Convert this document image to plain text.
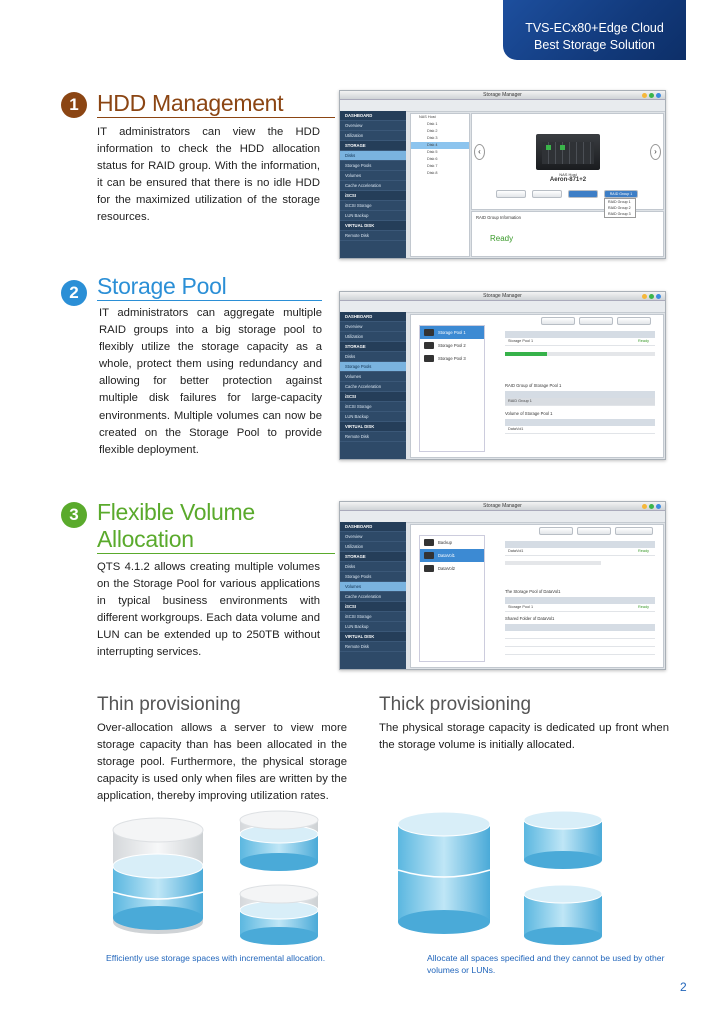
TVS-ECx80+Edge Cloud
Best Storage Solution
1 HDD Management
IT administrators can view the HDD information to check the HDD allocation status for RAID group. With the information, it can be ensured that there is no idle HDD for the maximized utilization of the storage resources.
Storage Manager
DASHBOARD
Overview
Utilization
STORAGE
Disks
Storage Pools
Volumes
Cache Acceleration
iSCSI
iSCSI Storage
LUN Backup
VIRTUAL DISK
Remote Disk
NAS Host
Disk 1
Disk 2
Disk 3
Disk 4
Disk 5
Disk 6
Disk 7
Disk 8	NAS Host
Aeron-871+2
‹	›
RAID Group 1
RAID Group 1
RAID Group 2
RAID Group 3
RAID Group Information
Ready
2 Storage Pool
IT administrators can aggregate multiple RAID groups into a big storage pool to flexibly utilize the storage capacity as a whole, protect them using redundancy and allowing for better protection against multiple disk failures for large-capacity environments. Multiple volumes can now be created on the Storage Pool to provide flexible deployment.
Storage Manager
DASHBOARD
Overview
Utilization
STORAGE
Disks
Storage Pools
Volumes
Cache Acceleration
iSCSI
iSCSI Storage
LUN Backup
VIRTUAL DISK
Remote Disk
Storage Pool 1
Storage Pool 2
Storage Pool 3
Storage Pool 1	Ready
RAID Group of Storage Pool 1
RAID Group 1
Volume of Storage Pool 1
DataVol1
3 Flexible Volume
Allocation
QTS 4.1.2 allows creating multiple volumes on the Storage Pool for various applications in typical business environments with different workgroups. Each data volume and LUN can be extended up to 250TB without interrupting services.
Storage Manager
DASHBOARD
Overview
Utilization
STORAGE
Disks
Storage Pools
Volumes
Cache Acceleration
iSCSI
iSCSI Storage
LUN Backup
VIRTUAL DISK
Remote Disk
Backup
DataVol1
DataVol2
DataVol1	Ready
The Storage Pool of DataVol1
Storage Pool 1	Ready
Shared Folder of DataVol1
Thin provisioning
Over-allocation allows a server to view more storage capacity than has been allocated in the storage pool. Furthermore, the physical storage capacity is used only when files are written by the application, thereby improving utilization rates.
Thick provisioning
The physical storage capacity is dedicated up front when the storage volume is initially allocated.
Efficiently use storage spaces with incremental allocation.	Allocate all spaces specified and they cannot be used by other volumes or LUNs.
2
